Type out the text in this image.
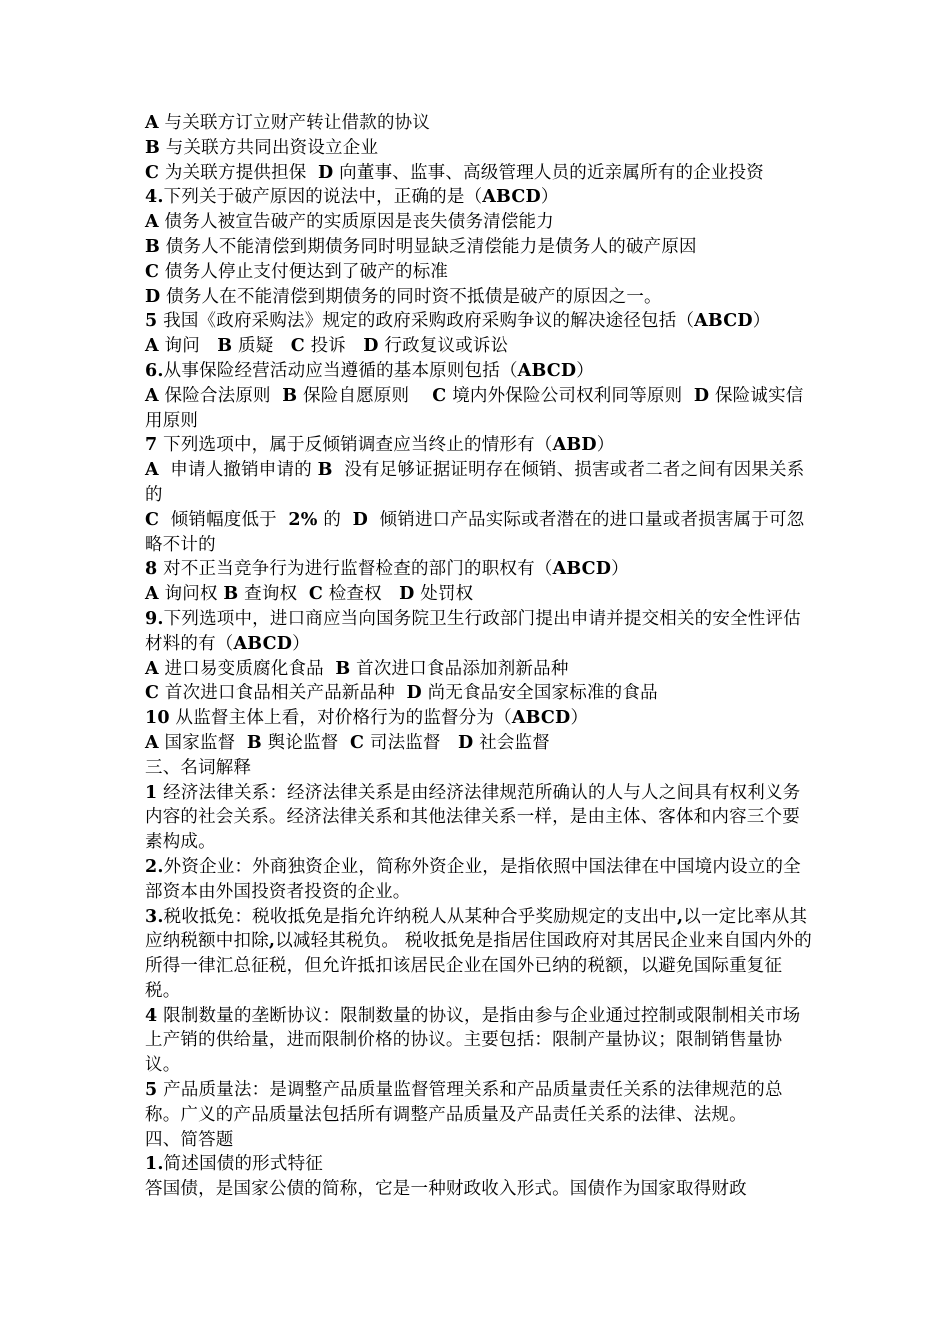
A 与关联方订立财产转让借款的协议
B 与关联方共同出资设立企业
C 为关联方提供担保  D 向董事、监事、高级管理人员的近亲属所有的企业投资
4.下列关于破产原因的说法中，正确的是（ABCD）
A 债务人被宣告破产的实质原因是丧失债务清偿能力
B 债务人不能清偿到期债务同时明显缺乏清偿能力是债务人的破产原因
C 债务人停止支付便达到了破产的标准
D 债务人在不能清偿到期债务的同时资不抵债是破产的原因之一。
5 我国《政府采购法》规定的政府采购政府采购争议的解决途径包括（ABCD）
A 询问   B 质疑   C 投诉   D 行政复议或诉讼
6.从事保险经营活动应当遵循的基本原则包括（ABCD）
A 保险合法原则  B 保险自愿原则    C 境内外保险公司权利同等原则  D 保险诚实信用原则
7 下列选项中，属于反倾销调查应当终止的情形有（ABD）
A  申请人撤销申请的 B  没有足够证据证明存在倾销、损害或者二者之间有因果关系的
C  倾销幅度低于  2% 的  D  倾销进口产品实际或者潜在的进口量或者损害属于可忽略不计的
8 对不正当竞争行为进行监督检查的部门的职权有（ABCD）
A 询问权 B 查询权  C 检查权   D 处罚权
9.下列选项中，进口商应当向国务院卫生行政部门提出申请并提交相关的安全性评估材料的有（ABCD）
A 进口易变质腐化食品  B 首次进口食品添加剂新品种
C 首次进口食品相关产品新品种  D 尚无食品安全国家标准的食品
10 从监督主体上看，对价格行为的监督分为（ABCD）
A 国家监督  B 舆论监督  C 司法监督   D 社会监督
三、名词解释
1 经济法律关系：经济法律关系是由经济法律规范所确认的人与人之间具有权利义务内容的社会关系。经济法律关系和其他法律关系一样，是由主体、客体和内容三个要素构成。
2.外资企业：外商独资企业，简称外资企业，是指依照中国法律在中国境内设立的全部资本由外国投资者投资的企业。
3.税收抵免：税收抵免是指允许纳税人从某种合乎奖励规定的支出中,以一定比率从其应纳税额中扣除,以减轻其税负。 税收抵免是指居住国政府对其居民企业来自国内外的所得一律汇总征税，但允许抵扣该居民企业在国外已纳的税额，以避免国际重复征税。
4 限制数量的垄断协议：限制数量的协议，是指由参与企业通过控制或限制相关市场上产销的供给量，进而限制价格的协议。主要包括：限制产量协议；限制销售量协议。
5 产品质量法：是调整产品质量监督管理关系和产品质量责任关系的法律规范的总称。广义的产品质量法包括所有调整产品质量及产品责任关系的法律、法规。
四、简答题
1.简述国债的形式特征
答国债，是国家公债的简称，它是一种财政收入形式。国债作为国家取得财政
